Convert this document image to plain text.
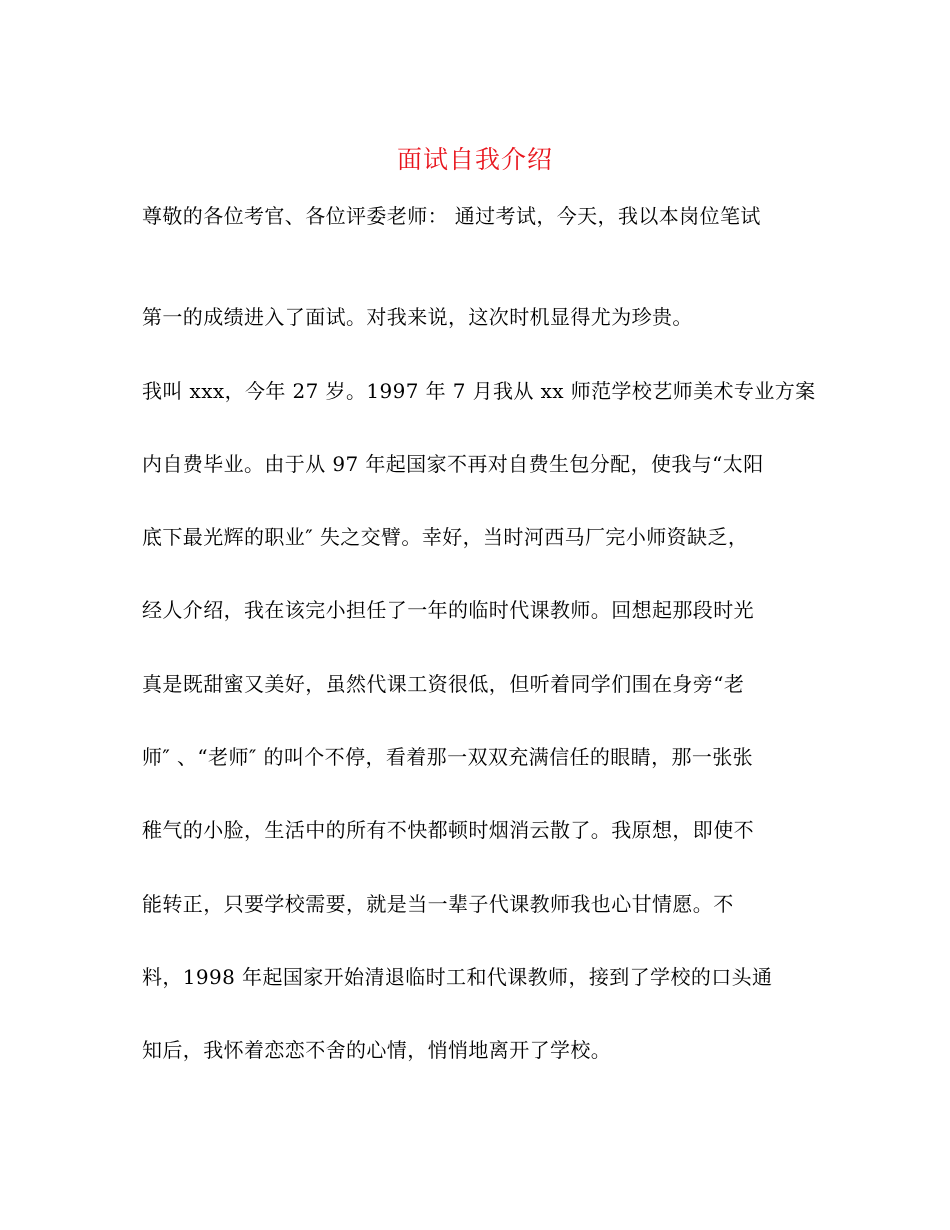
面试自我介绍
尊敬的各位考官、各位评委老师： 通过考试，今天，我以本岗位笔试
第一的成绩进入了面试。对我来说，这次时机显得尤为珍贵。
我叫 xxx，今年 27 岁。1997 年 7 月我从 xx 师范学校艺师美术专业方案
内自费毕业。由于从 97 年起国家不再对自费生包分配，使我与“太阳
底下最光辉的职业″ 失之交臂。幸好，当时河西马厂完小师资缺乏，
经人介绍，我在该完小担任了一年的临时代课教师。回想起那段时光
真是既甜蜜又美好，虽然代课工资很低，但听着同学们围在身旁“老
师″ 、“老师″ 的叫个不停，看着那一双双充满信任的眼睛，那一张张
稚气的小脸，生活中的所有不快都顿时烟消云散了。我原想，即使不
能转正，只要学校需要，就是当一辈子代课教师我也心甘情愿。不
料，1998 年起国家开始清退临时工和代课教师，接到了学校的口头通
知后，我怀着恋恋不舍的心情，悄悄地离开了学校。
